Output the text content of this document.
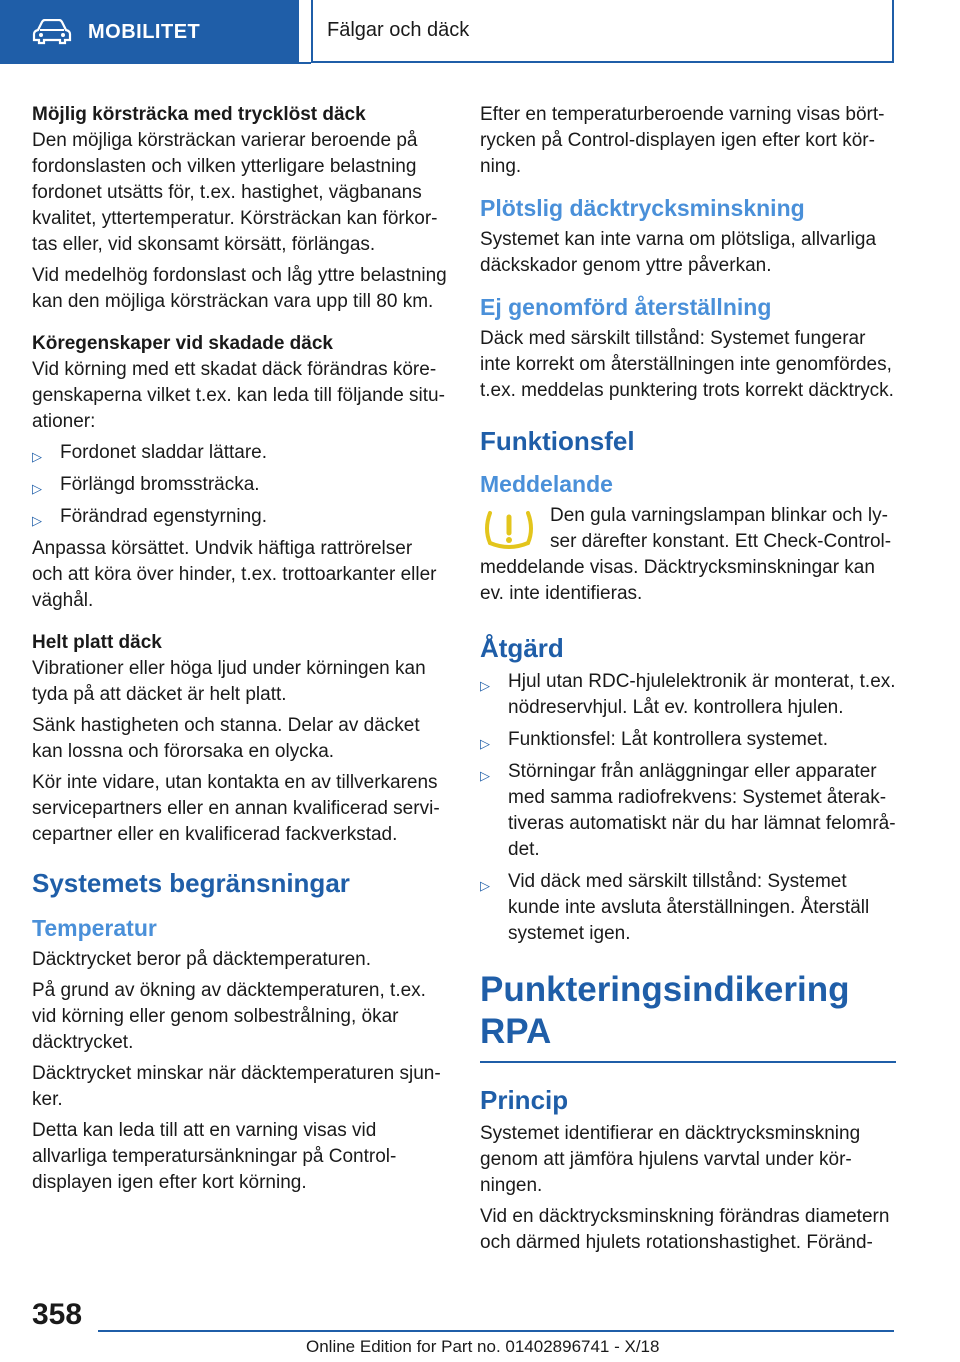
MOBILITET	Fälgar och däck

Möjlig körsträcka med trycklöst däck

Den möjliga körsträckan varierar beroende på fordonslasten och vilken ytterligare belastning fordonet utsätts för, t.ex. hastighet, vägbanans kvalitet, yttertemperatur. Körsträckan kan förkortas eller, vid skonsamt körsätt, förlängas.

Vid medelhög fordonslast och låg yttre belastning kan den möjliga körsträckan vara upp till 80 km.

Köregenskaper vid skadade däck

Vid körning med ett skadat däck förändras köregenskaperna vilket t.ex. kan leda till följande situationer:

▷ Fordonet sladdar lättare.
▷ Förlängd bromssträcka.
▷ Förändrad egenstyrning.

Anpassa körsättet. Undvik häftiga rattrörelser och att köra över hinder, t.ex. trottoarkanter eller väghål.

Helt platt däck

Vibrationer eller höga ljud under körningen kan tyda på att däcket är helt platt.

Sänk hastigheten och stanna. Delar av däcket kan lossna och förorsaka en olycka.

Kör inte vidare, utan kontakta en av tillverkarens servicepartners eller en annan kvalificerad servicepartner eller en kvalificerad fackverkstad.

Systemets begränsningar
Temperatur

Däcktrycket beror på däcktemperaturen.

På grund av ökning av däcktemperaturen, t.ex. vid körning eller genom solbestrålning, ökar däcktrycket.

Däcktrycket minskar när däcktemperaturen sjunker.

Detta kan leda till att en varning visas vid allvarliga temperatursänkningar på Control-displayen igen efter kort körning.

Efter en temperaturberoende varning visas börtrycken på Control-displayen igen efter kort körning.

Plötslig däcktrycksminskning

Systemet kan inte varna om plötsliga, allvarliga däckskador genom yttre påverkan.

Ej genomförd återställning

Däck med särskilt tillstånd: Systemet fungerar inte korrekt om återställningen inte genomfördes, t.ex. meddelas punktering trots korrekt däcktryck.

Funktionsfel
Meddelande

Den gula varningslampan blinkar och lyser därefter konstant. Ett Check-Control-meddelande visas. Däcktrycksminskningar kan ev. inte identifieras.

Åtgärd
▷ Hjul utan RDC-hjulelektronik är monterat, t.ex. nödreservhjul. Låt ev. kontrollera hjulen.
▷ Funktionsfel: Låt kontrollera systemet.
▷ Störningar från anläggningar eller apparater med samma radiofrekvens: Systemet återaktiveras automatiskt när du har lämnat felområdet.
▷ Vid däck med särskilt tillstånd: Systemet kunde inte avsluta återställningen. Återställ systemet igen.
Punkteringsindikering RPA
Princip

Systemet identifierar en däcktrycksminskning genom att jämföra hjulens varvtal under körningen.

Vid en däcktrycksminskning förändras diametern och därmed hjulets rotationshastighet. Föränd-

358
Online Edition for Part no. 01402896741 - X/18
